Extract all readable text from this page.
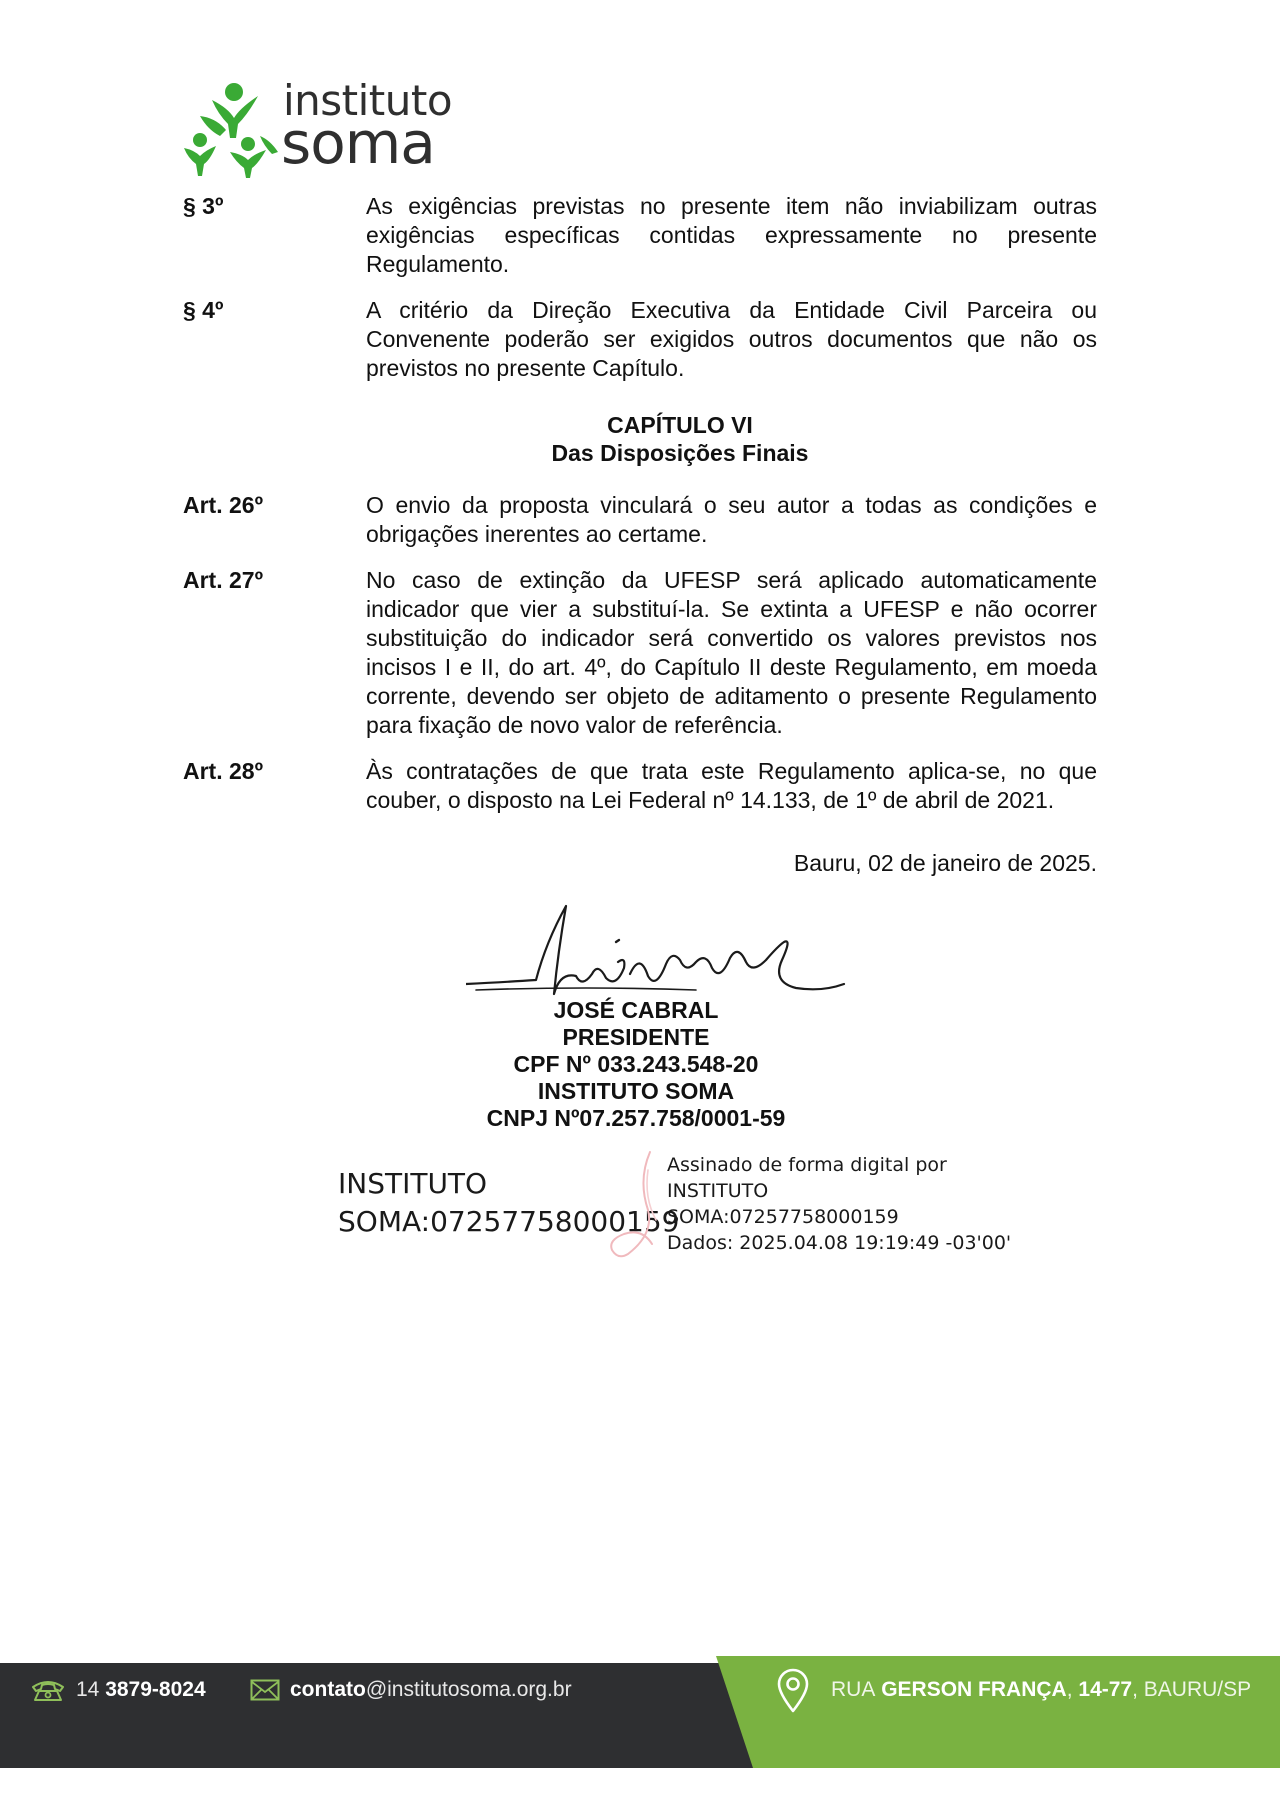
instituto
soma
§ 3º	As exigências previstas no presente item não inviabilizam outras exigências específicas contidas expressamente no presente Regulamento.
§ 4º	A critério da Direção Executiva da Entidade Civil Parceira ou Convenente poderão ser exigidos outros documentos que não os previstos no presente Capítulo.
CAPÍTULO VI
Das Disposições Finais
Art. 26º	O envio da proposta vinculará o seu autor a todas as condições e obrigações inerentes ao certame.
Art. 27º	No caso de extinção da UFESP será aplicado automaticamente indicador que vier a substituí-la. Se extinta a UFESP e não ocorrer substituição do indicador será convertido os valores previstos nos incisos I e II, do art. 4º, do Capítulo II deste Regulamento, em moeda corrente, devendo ser objeto de aditamento o presente Regulamento para fixação de novo valor de referência.
Art. 28º	Às contratações de que trata este Regulamento aplica-se, no que couber, o disposto na Lei Federal nº 14.133, de 1º de abril de 2021.
Bauru, 02 de janeiro de 2025.
JOSÉ CABRAL
PRESIDENTE
CPF Nº 033.243.548-20
INSTITUTO SOMA
CNPJ Nº07.257.758/0001-59
INSTITUTO
SOMA:07257758000159
Assinado de forma digital por
INSTITUTO
SOMA:07257758000159
Dados: 2025.04.08 19:19:49 -03'00'
14
3879-8024	contato @institutosoma.org.br	RUA
GERSON FRANÇA ,
14-77 , BAURU/SP
